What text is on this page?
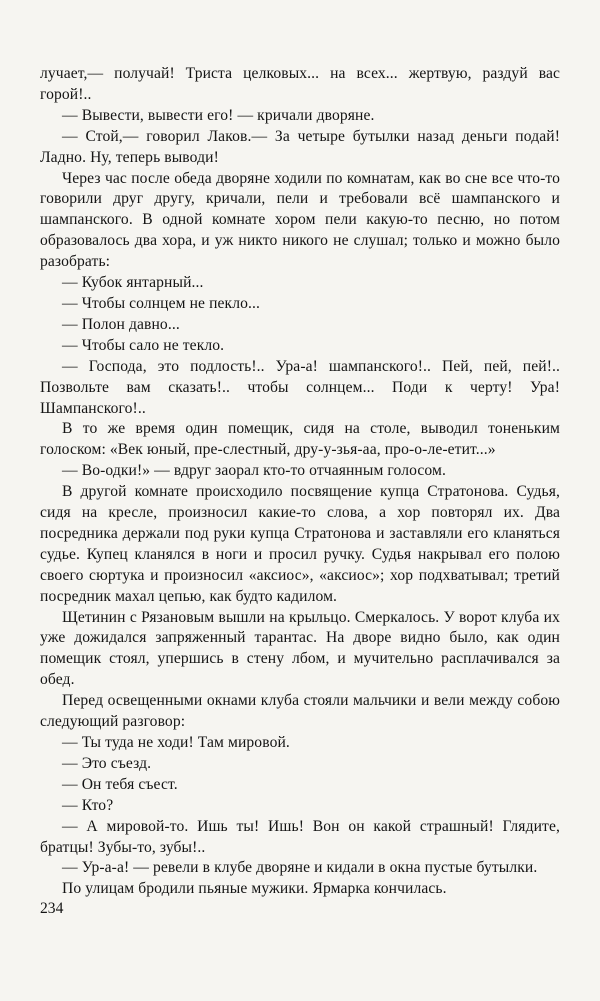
лучает,— получай! Триста целковых... на всех... жертвую, раздуй вас горой!..

— Вывести, вывести его! — кричали дворяне.

— Стой,— говорил Лаков.— За четыре бутылки назад деньги подай! Ладно. Ну, теперь выводи!

Через час после обеда дворяне ходили по комнатам, как во сне все что-то говорили друг другу, кричали, пели и требовали всё шампанского и шампанского. В одной комнате хором пели какую-то песню, но потом образовалось два хора, и уж никто никого не слушал; только и можно было разобрать:

— Кубок янтарный...

— Чтобы солнцем не пекло...

— Полон давно...

— Чтобы сало не текло.

— Господа, это подлость!.. Ура-а! шампанского!.. Пей, пей, пей!.. Позвольте вам сказать!.. чтобы солнцем... Поди к черту! Ура! Шампанского!..

В то же время один помещик, сидя на столе, выводил тоненьким голоском: «Век юный, пре-слестный, дру-у-зья-аа, про-о-ле-етит...»

— Во-одки!» — вдруг заорал кто-то отчаянным голосом.

В другой комнате происходило посвящение купца Стратонова. Судья, сидя на кресле, произносил какие-то слова, а хор повторял их. Два посредника держали под руки купца Стратонова и заставляли его кланяться судье. Купец кланялся в ноги и просил ручку. Судья накрывал его полою своего сюртука и произносил «аксиос», «аксиос»; хор подхватывал; третий посредник махал цепью, как будто кадилом.

Щетинин с Рязановым вышли на крыльцо. Смеркалось. У ворот клуба их уже дожидался запряженный тарантас. На дворе видно было, как один помещик стоял, упершись в стену лбом, и мучительно расплачивался за обед.

Перед освещенными окнами клуба стояли мальчики и вели между собою следующий разговор:

— Ты туда не ходи! Там мировой.

— Это съезд.

— Он тебя съест.

— Кто?

— А мировой-то. Ишь ты! Ишь! Вон он какой страшный! Глядите, братцы! Зубы-то, зубы!..

— Ур-а-а! — ревели в клубе дворяне и кидали в окна пустые бутылки.

По улицам бродили пьяные мужики. Ярмарка кончилась.

234
